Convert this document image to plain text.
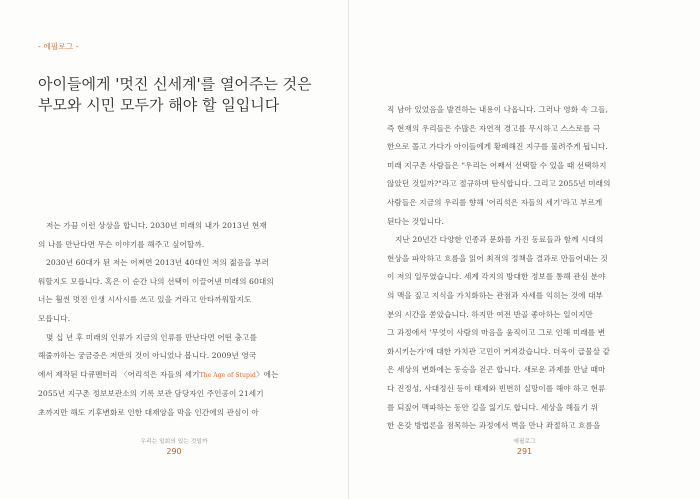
- 에필로그 -
아이들에게 '멋진 신세계'를 열어주는 것은
부모와 시민 모두가 해야 할 일입니다
저는 가끔 이런 상상을 합니다. 2030년 미래의 내가 2013년 현재
의 나를 만난다면 무슨 이야기를 해주고 싶어할까.
2030년 60대가 된 저는 어쩌면 2013년 40대인 저의 젊음을 부러
워할지도 모릅니다. 혹은 이 순간 나의 선택이 이끌어낸 미래의 60대의
너는 훨씬 멋진 인생 시사시를 쓰고 있을 거라고 안타까워할지도
모릅니다.
몇 십 년 후 미래의 인류가 지금의 인류를 만난다면 어떤 충고를
해줄까하는 궁금증은 저만의 것이 아니었나 봅니다. 2009년 영국
에서 제작된 다큐멘터리 〈어리석은 자들의 세기The Age of Stupid〉에는
2055년 지구촌 정보보관소의 기록 보관 담당자인 주인공이 21세기
초까지만 해도 기후변화로 인한 대재앙을 막을 인간에의 관심이 아
우리는 일회의 있는 것일까
290
직 남아 있었음을 발견하는 내용이 나옵니다. 그러나 영화 속 그들,
즉 현재의 우리들은 수많은 자연적 경고를 무시하고 스스로를 극
한으로 몰고 가다가 아이들에게 황폐해진 지구를 물려주게 됩니다.
미래 지구촌 사람들은 "우리는 어째서 선택할 수 있을 때 선택하지
않았던 것일까?"라고 절규하며 탄식합니다. 그리고 2055년 미래의
사람들은 지금의 우리를 향해 '어리석은 자들의 세기'라고 부르게
된다는 것입니다.
지난 20년간 다양한 인종과 문화를 가진 동료들과 함께 시대의
현상을 파악하고 흐름을 읽어 최적의 정책을 결과로 만들어내는 것
이 저의 일무였습니다. 세계 각지의 방대한 정보를 통해 관심 분야
의 맥을 짚고 지식을 가치화하는 관점과 자세를 익히는 것에 대부
분의 시간을 쏟았습니다. 하지만 여전 반골 좋아하는 일이지만
그 과정에서 '무엇이 사람의 마음을 움직이고 그로 인해 미래를 변
화시키는가'에 대한 가치관 고민이 커져갔습니다. 더욱이 급물살 같
은 세상의 변화에는 동승을 걷곤 합니다. 새로운 과제를 만날 때마
다 진정성, 사대정신 등이 태제와 빈번히 실망이를 해야 하고 현류
를 되짚어 맥파하는 동안 길을 잃기도 합니다. 세상을 해들기 위
한 온갖 방법론을 점목하는 과정에서 벽을 만나 좌절하고 흐름을
에필로그
291
